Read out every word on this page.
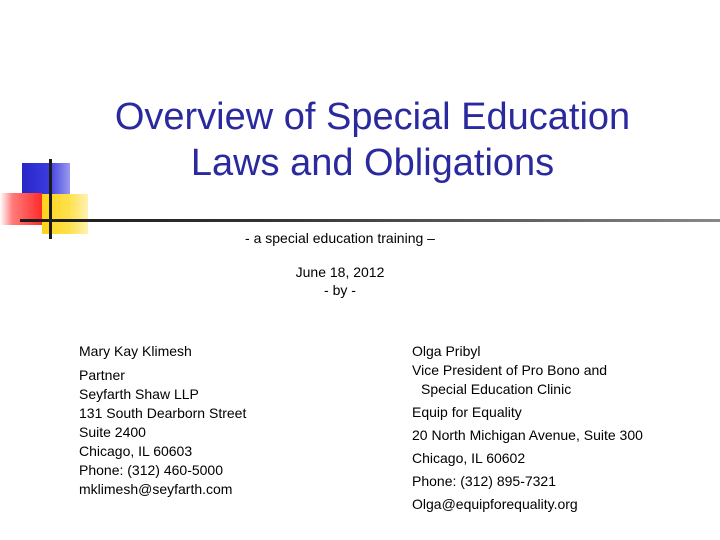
Overview of Special Education
Laws and Obligations
- a special education training –
June 18, 2012
- by -
Mary Kay Klimesh
Partner
Seyfarth Shaw LLP
131 South Dearborn Street
Suite 2400
Chicago, IL 60603
Phone: (312) 460-5000
mklimesh@seyfarth.com
Olga Pribyl
Vice President of Pro Bono and
Special Education Clinic
Equip for Equality
20 North Michigan Avenue, Suite 300
Chicago, IL 60602
Phone: (312) 895-7321
Olga@equipforequality.org
